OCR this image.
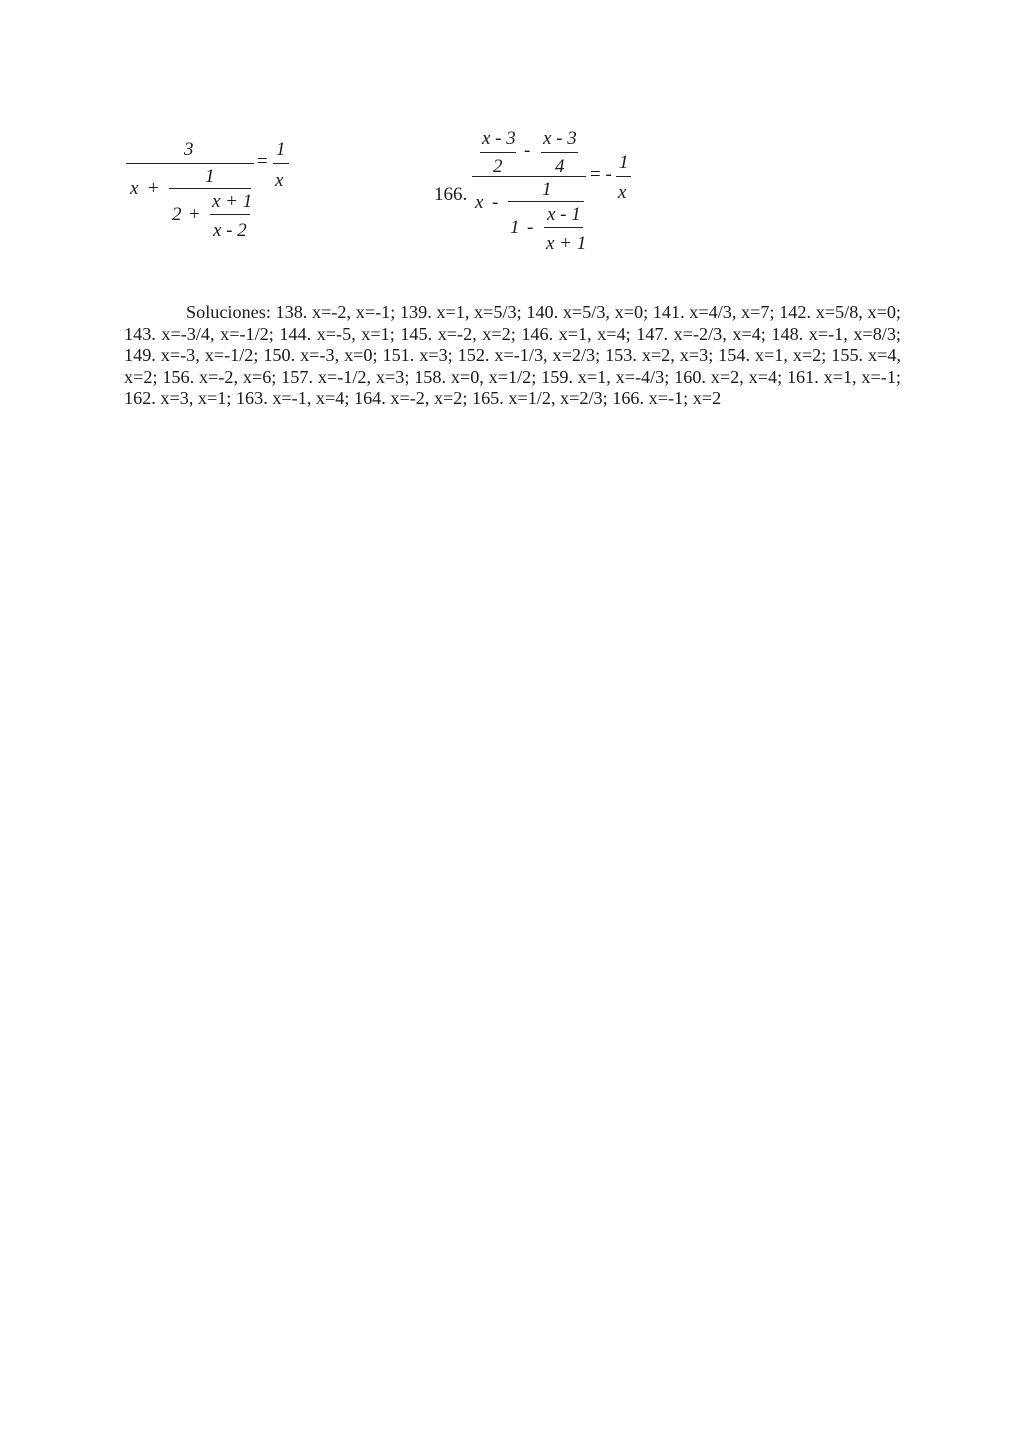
3
x +
1
2 +
x + 1
x - 2
=
1
x
166.
x - 3
2
-
x - 3
4
x -
1
1 -
x - 1
x + 1
= -
1
x

Soluciones: 138. x=-2, x=-1; 139. x=1, x=5/3; 140. x=5/3, x=0; 141. x=4/3, x=7; 142. x=5/8, x=0; 143. x=-3/4, x=-1/2; 144. x=-5, x=1; 145. x=-2, x=2; 146. x=1, x=4; 147. x=-2/3, x=4; 148. x=-1, x=8/3; 149. x=-3, x=-1/2; 150. x=-3, x=0; 151. x=3; 152. x=-1/3, x=2/3; 153. x=2, x=3; 154. x=1, x=2; 155. x=4, x=2; 156. x=-2, x=6; 157. x=-1/2, x=3; 158. x=0, x=1/2; 159. x=1, x=-4/3; 160. x=2, x=4; 161. x=1, x=-1; 162. x=3, x=1; 163. x=-1, x=4; 164. x=-2, x=2; 165. x=1/2, x=2/3; 166. x=-1; x=2
